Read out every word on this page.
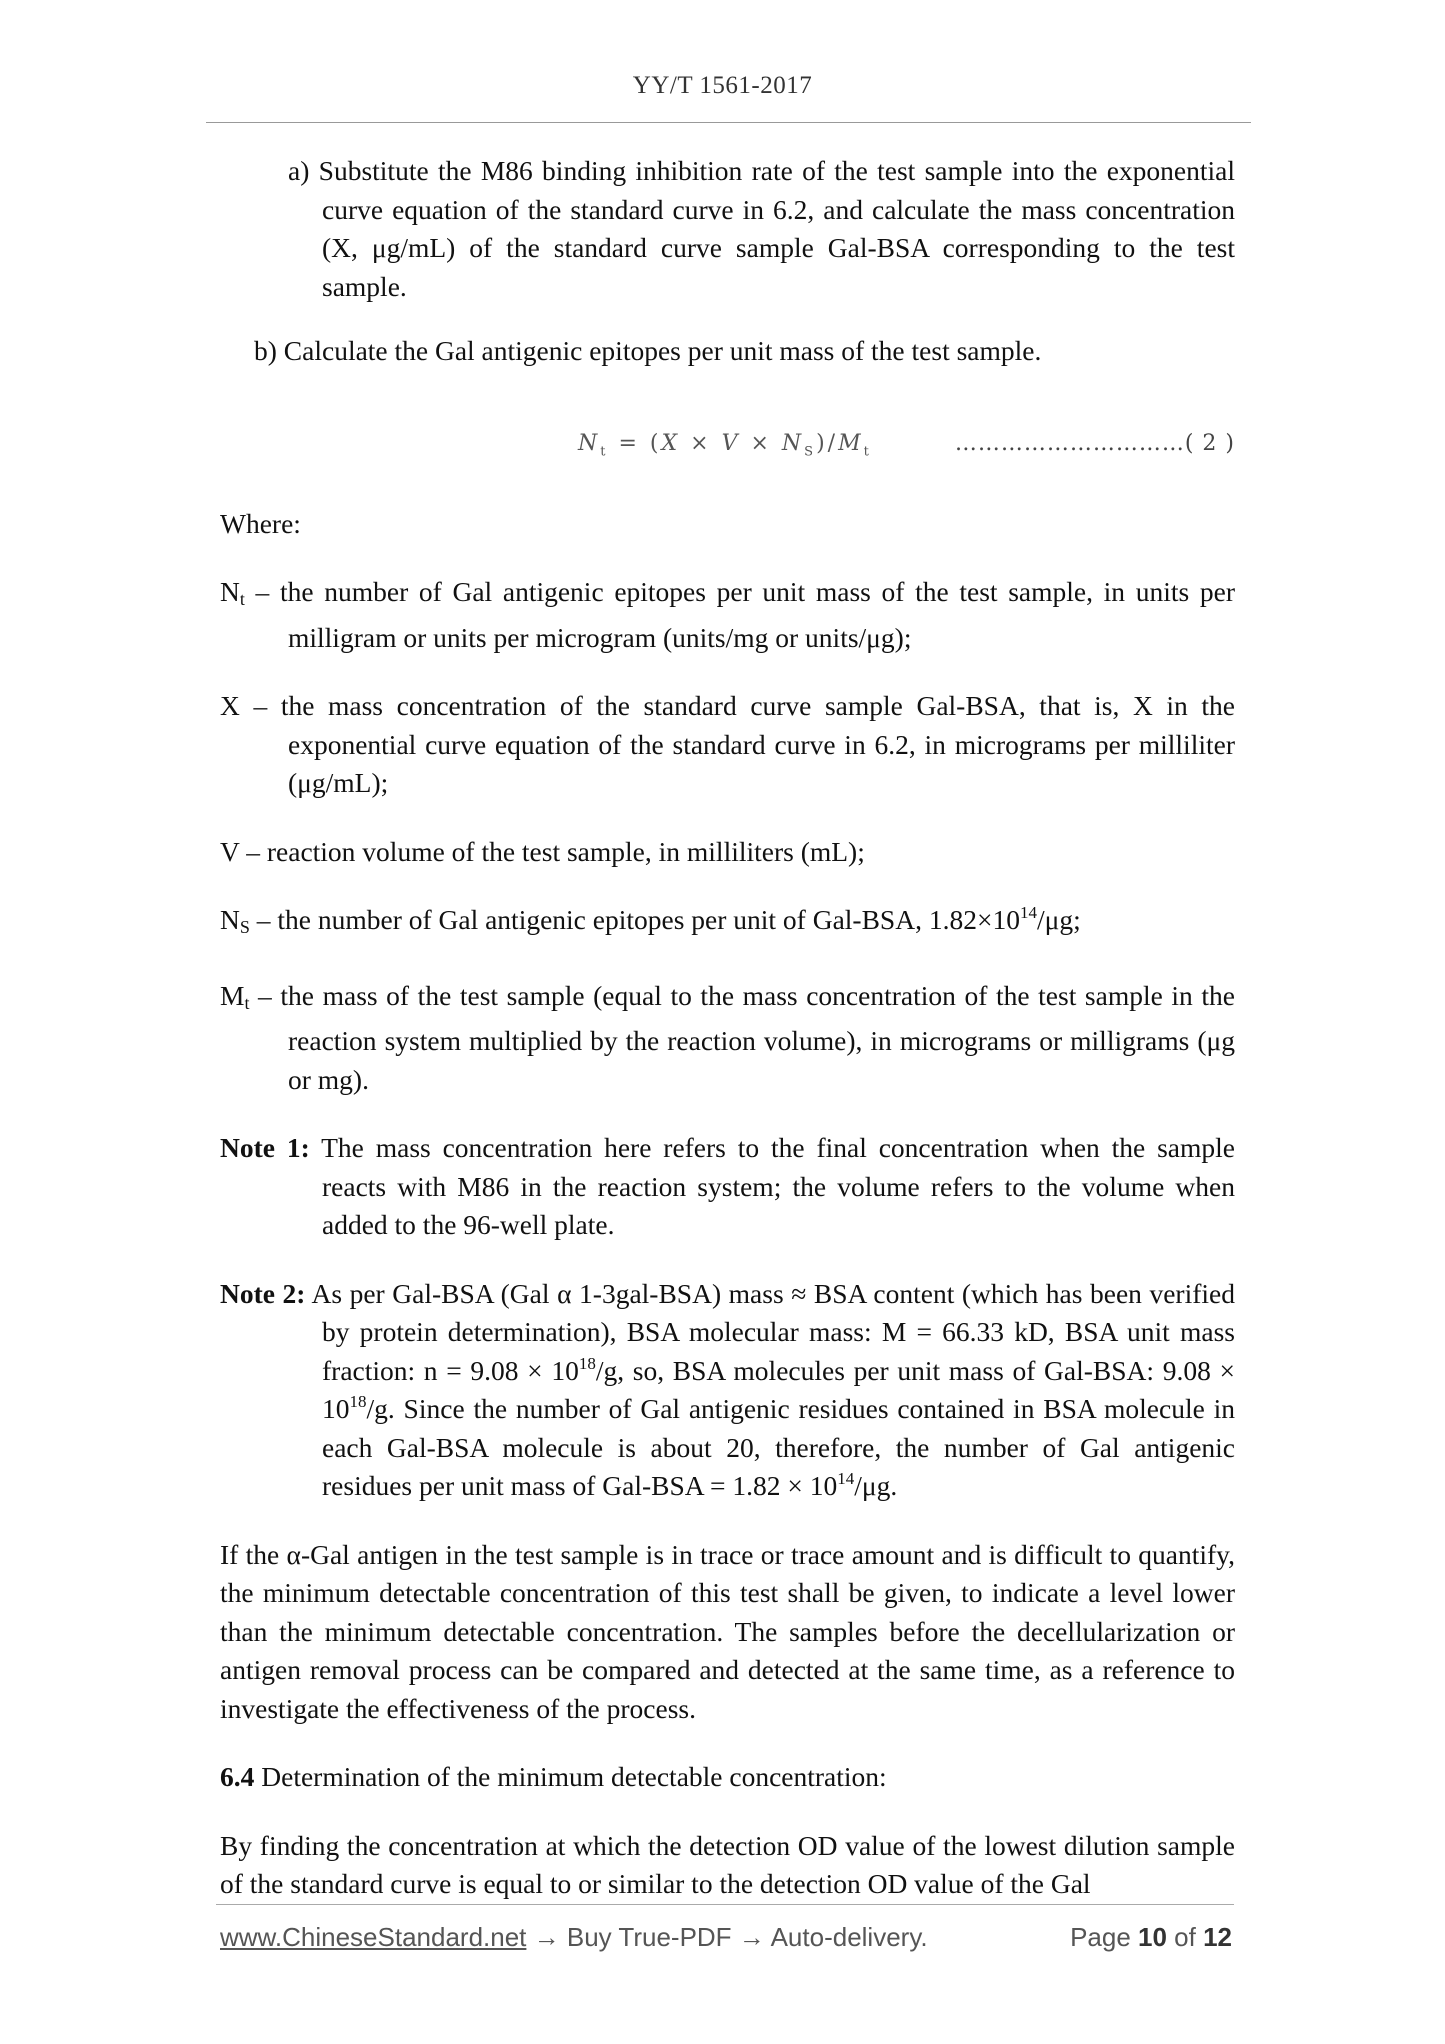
YY/T 1561-2017

a) Substitute the M86 binding inhibition rate of the test sample into the exponential curve equation of the standard curve in 6.2, and calculate the mass concentration (X, μg/mL) of the standard curve sample Gal-BSA corresponding to the test sample.

b) Calculate the Gal antigenic epitopes per unit mass of the test sample.

$N_t = (X \times V \times N_S)/M_t$	…………………………( 2 )

Where:

$N_t$ – the number of Gal antigenic epitopes per unit mass of the test sample, in units per milligram or units per microgram (units/mg or units/μg);

X – the mass concentration of the standard curve sample Gal-BSA, that is, X in the exponential curve equation of the standard curve in 6.2, in micrograms per milliliter (μg/mL);

V – reaction volume of the test sample, in milliliters (mL);

$N_S$ – the number of Gal antigenic epitopes per unit of Gal-BSA, $1.82\times 10^{14}/\mu g$;

$M_t$ – the mass of the test sample (equal to the mass concentration of the test sample in the reaction system multiplied by the reaction volume), in micrograms or milligrams (μg or mg).

Note 1: The mass concentration here refers to the final concentration when the sample reacts with M86 in the reaction system; the volume refers to the volume when added to the 96-well plate.

Note 2: As per Gal-BSA (Gal α 1-3gal-BSA) mass ≈ BSA content (which has been verified by protein determination), BSA molecular mass: M = 66.33 kD, BSA unit mass fraction: $n = 9.08 \times 10^{18}/g$, so, BSA molecules per unit mass of Gal-BSA: $9.08 \times 10^{18}/g$. Since the number of Gal antigenic residues contained in BSA molecule in each Gal-BSA molecule is about 20, therefore, the number of Gal antigenic residues per unit mass of $Gal-BSA = 1.82 \times 10^{14}/\mu g$.

If the α-Gal antigen in the test sample is in trace or trace amount and is difficult to quantify, the minimum detectable concentration of this test shall be given, to indicate a level lower than the minimum detectable concentration. The samples before the decellularization or antigen removal process can be compared and detected at the same time, as a reference to investigate the effectiveness of the process.

6.4 Determination of the minimum detectable concentration:

By finding the concentration at which the detection OD value of the lowest dilution sample of the standard curve is equal to or similar to the detection OD value of the Gal

www.ChineseStandard.net → Buy True-PDF → Auto-delivery.	Page 10 of 12
